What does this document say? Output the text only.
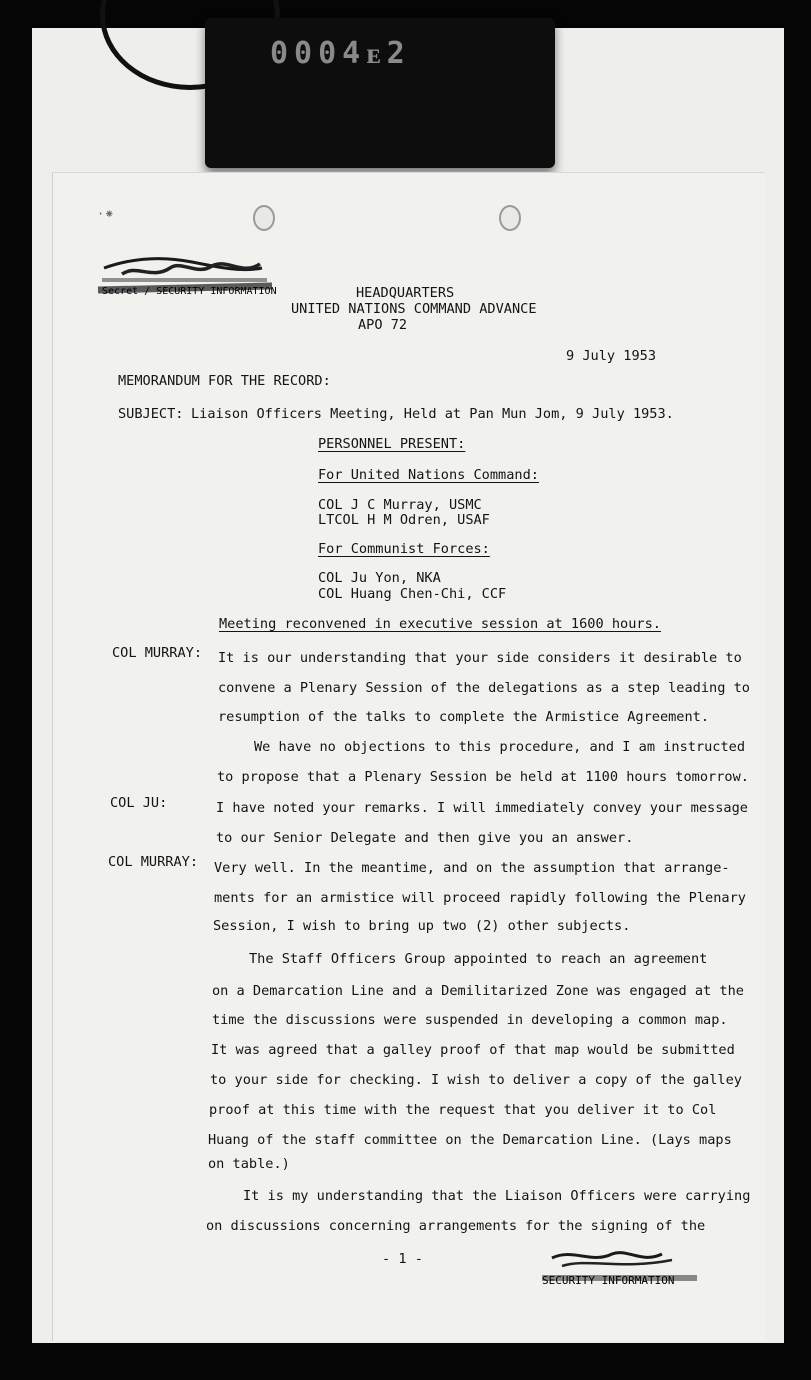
0004ᴇ2
·⁕
Secret / SECURITY INFORMATION	HEADQUARTERS
UNITED NATIONS COMMAND ADVANCE
APO 72
9 July 1953
MEMORANDUM FOR THE RECORD:
SUBJECT: Liaison Officers Meeting, Held at Pan Mun Jom, 9 July 1953.
PERSONNEL PRESENT:
For United Nations Command:
COL J C Murray, USMC
LTCOL H M Odren, USAF
For Communist Forces:
COL Ju Yon, NKA
COL Huang Chen-Chi, CCF
Meeting reconvened in executive session at 1600 hours.
COL MURRAY: It is our understanding that your side considers it desirable to
convene a Plenary Session of the delegations as a step leading to
resumption of the talks to complete the Armistice Agreement.
We have no objections to this procedure, and I am instructed
to propose that a Plenary Session be held at 1100 hours tomorrow.
COL JU:	I have noted your remarks. I will immediately convey your message
to our Senior Delegate and then give you an answer.
COL MURRAY: Very well. In the meantime, and on the assumption that arrange-
ments for an armistice will proceed rapidly following the Plenary
Session, I wish to bring up two (2) other subjects.
The Staff Officers Group appointed to reach an agreement
on a Demarcation Line and a Demilitarized Zone was engaged at the
time the discussions were suspended in developing a common map.
It was agreed that a galley proof of that map would be submitted
to your side for checking. I wish to deliver a copy of the galley
proof at this time with the request that you deliver it to Col
Huang of the staff committee on the Demarcation Line. (Lays maps
on table.)
It is my understanding that the Liaison Officers were carrying
on discussions concerning arrangements for the signing of the
- 1 -
SECURITY INFORMATION
